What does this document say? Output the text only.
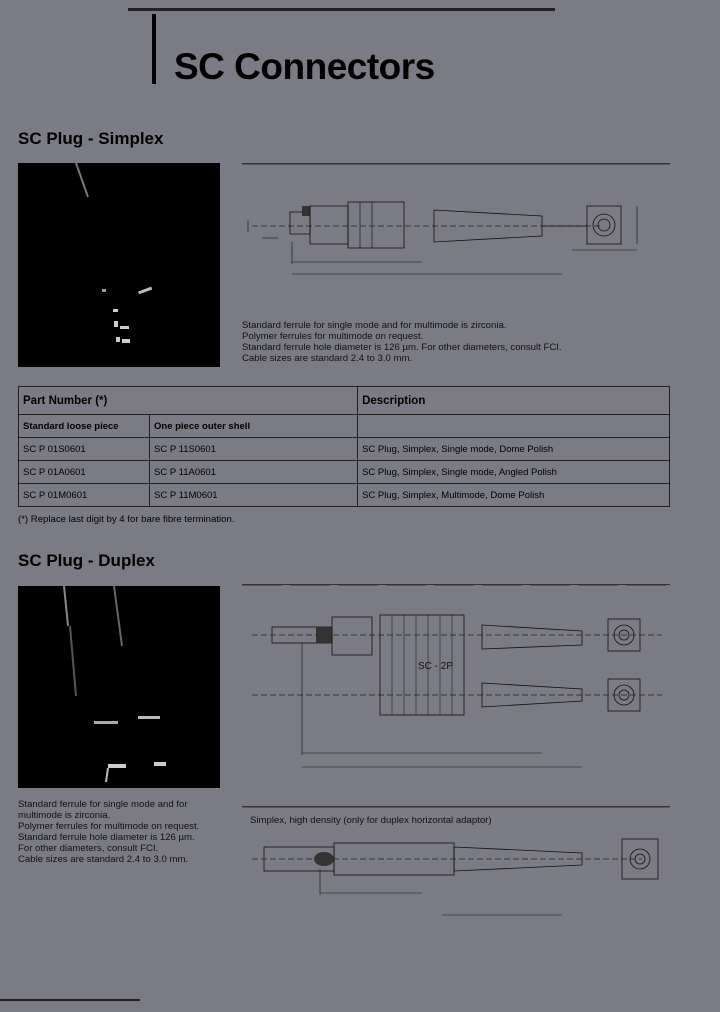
SC Connectors
SC Plug - Simplex
Standard ferrule for single mode and for multimode is zirconia.
Polymer ferrules for multimode on request.
Standard ferrule hole diameter is 126 µm. For other diameters, consult FCI.
Cable sizes are standard 2.4 to 3.0 mm.
Part Number (*)		Description
Standard loose piece	One piece outer shell	
SC P 01S0601	SC P 11S0601	SC Plug, Simplex, Single mode, Dome Polish
SC P 01A0601	SC P 11A0601	SC Plug, Simplex, Single mode, Angled Polish
SC P 01M0601	SC P 11M0601	SC Plug, Simplex, Multimode, Dome Polish
(*) Replace last digit by 4 for bare fibre termination.
SC Plug - Duplex
SC - 2P
Standard ferrule for single mode and for
multimode is zirconia.
Polymer ferrules for multimode on request.
Standard ferrule hole diameter is 126 µm.
For other diameters, consult FCI.
Cable sizes are standard 2.4 to 3.0 mm.
Simplex, high density (only for duplex horizontal adaptor)
